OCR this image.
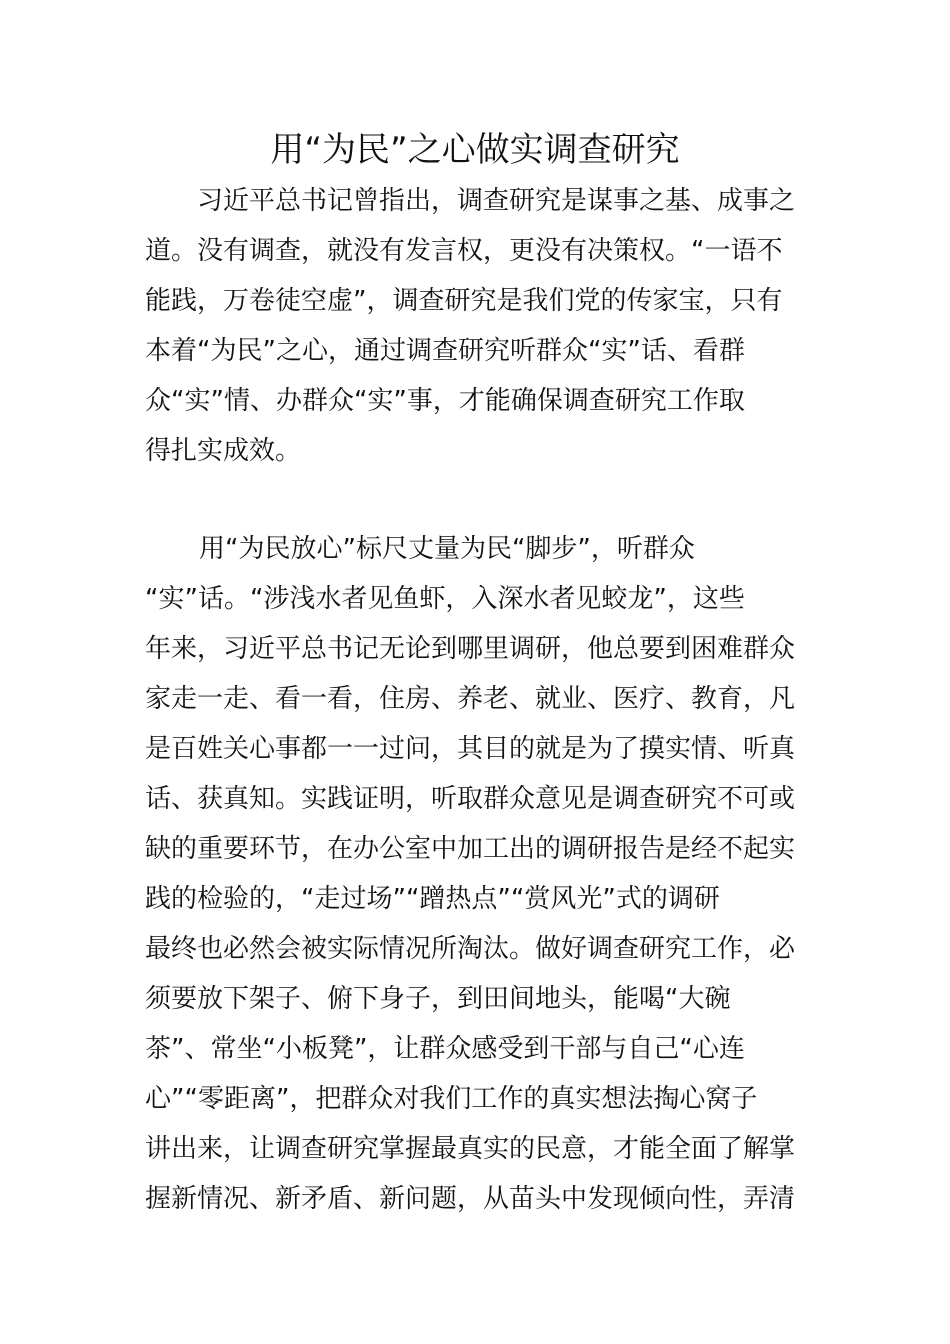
用“为民”之心做实调查研究
习近平总书记曾指出，调查研究是谋事之基、成事之
道。没有调查，就没有发言权，更没有决策权。“一语不
能践，万卷徒空虚”，调查研究是我们党的传家宝，只有
本着“为民”之心，通过调查研究听群众“实”话、看群
众“实”情、办群众“实”事，才能确保调查研究工作取
得扎实成效。
用“为民放心”标尺丈量为民“脚步”，听群众
“实”话。“涉浅水者见鱼虾，入深水者见蛟龙”，这些
年来，习近平总书记无论到哪里调研，他总要到困难群众
家走一走、看一看，住房、养老、就业、医疗、教育，凡
是百姓关心事都一一过问，其目的就是为了摸实情、听真
话、获真知。实践证明，听取群众意见是调查研究不可或
缺的重要环节，在办公室中加工出的调研报告是经不起实
践的检验的，“走过场”“蹭热点”“赏风光”式的调研
最终也必然会被实际情况所淘汰。做好调查研究工作，必
须要放下架子、俯下身子，到田间地头，能喝“大碗
茶”、常坐“小板凳”，让群众感受到干部与自己“心连
心”“零距离”，把群众对我们工作的真实想法掏心窝子
讲出来，让调查研究掌握最真实的民意，才能全面了解掌
握新情况、新矛盾、新问题，从苗头中发现倾向性，弄清
